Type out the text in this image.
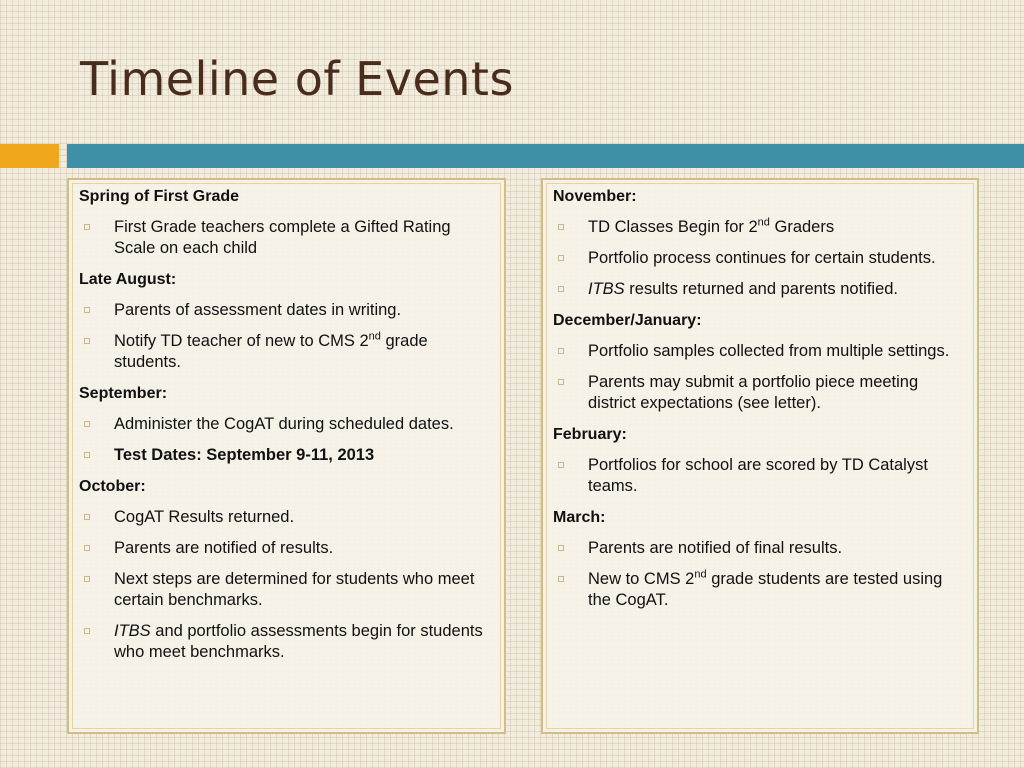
Timeline of Events
Spring of First Grade
First Grade teachers complete a Gifted Rating Scale on each child
Late August:
Parents of assessment dates in writing.
Notify TD teacher of new to CMS 2nd grade students.
September:
Administer the CogAT during scheduled dates.
Test Dates: September 9-11, 2013
October:
CogAT Results returned.
Parents are notified of results.
Next steps are determined for students who meet certain benchmarks.
ITBS and portfolio assessments begin for students who meet benchmarks.
November:
TD Classes Begin for 2nd Graders
Portfolio process continues for certain students.
ITBS results returned and parents notified.
December/January:
Portfolio samples collected from multiple settings.
Parents may submit a portfolio piece meeting district expectations (see letter).
February:
Portfolios for school are scored by TD Catalyst teams.
March:
Parents are notified of final results.
New to CMS 2nd grade students are tested using the CogAT.
